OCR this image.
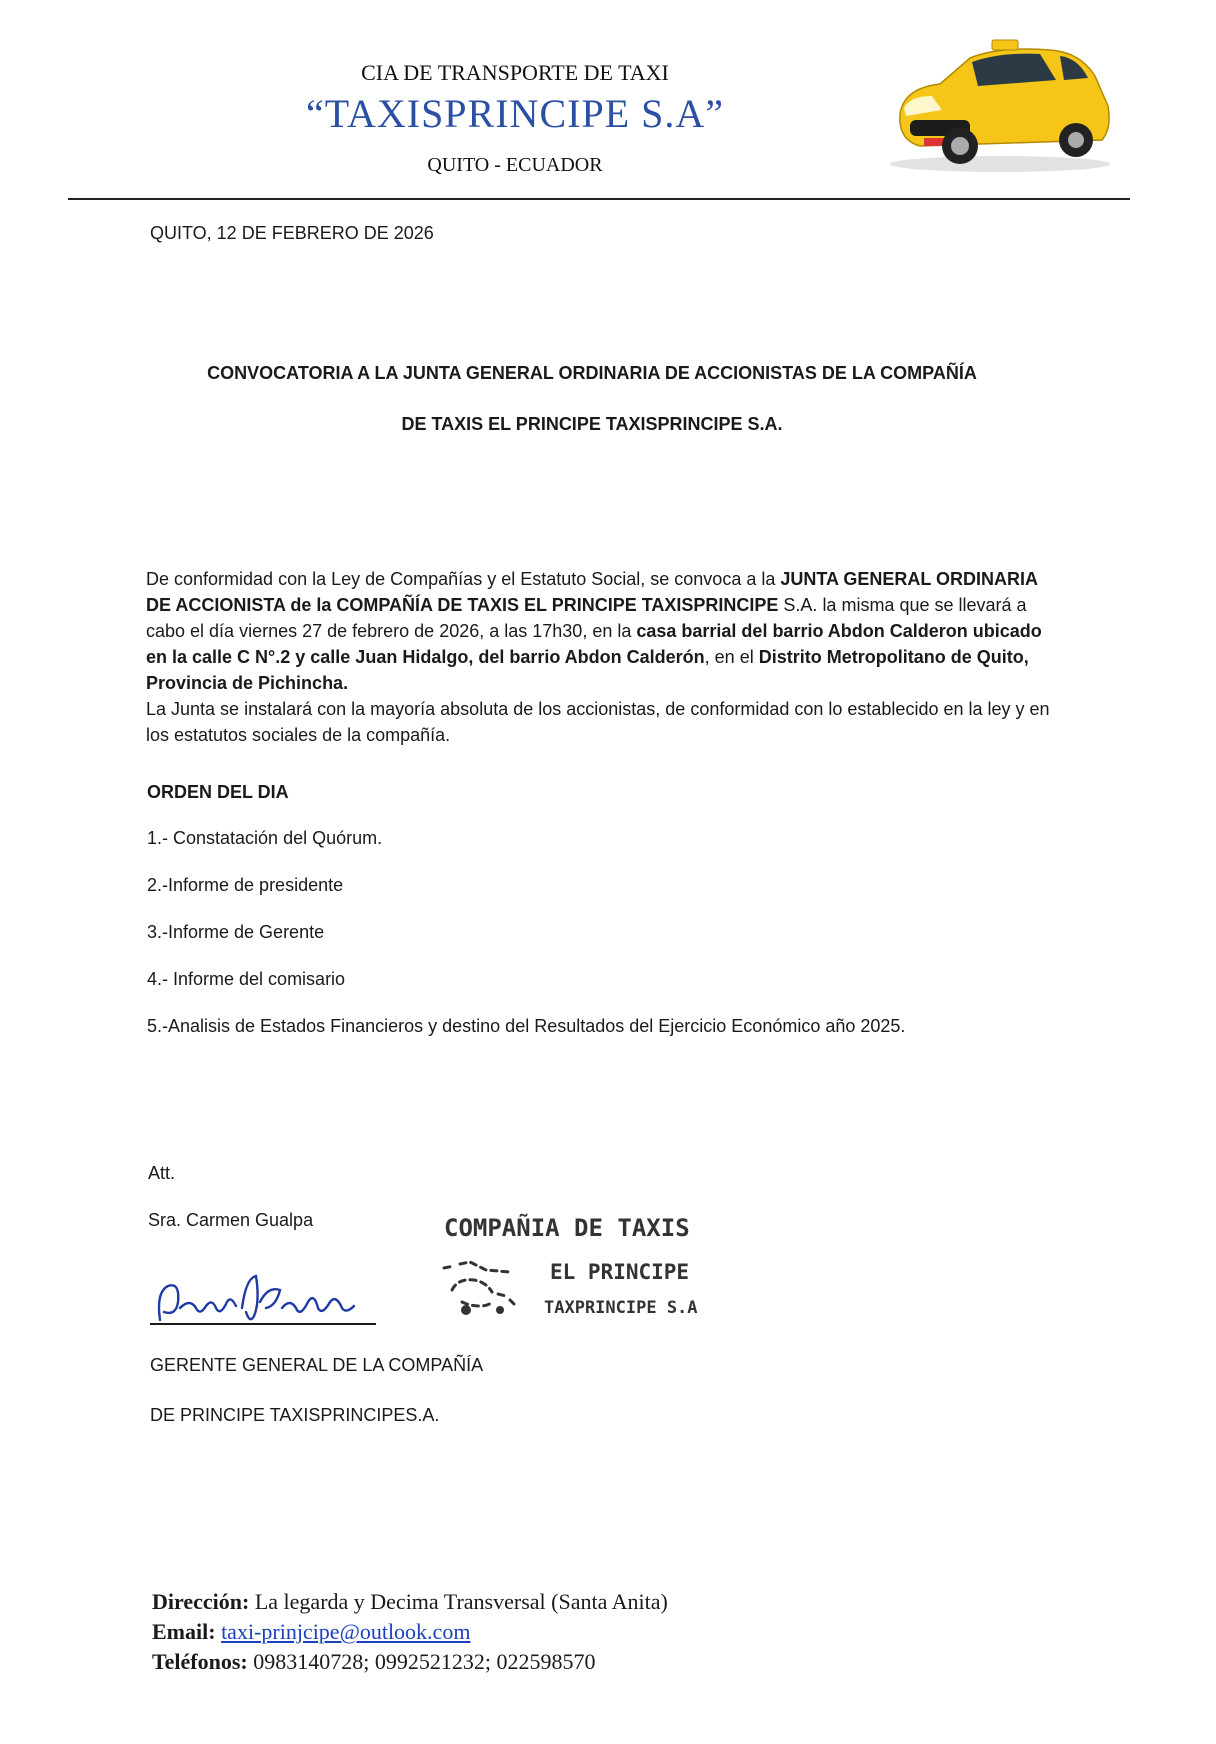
CIA DE TRANSPORTE DE TAXI
“TAXISPRINCIPE S.A”
QUITO - ECUADOR
QUITO, 12 DE FEBRERO DE 2026
CONVOCATORIA A LA JUNTA GENERAL ORDINARIA DE ACCIONISTAS DE LA COMPAÑÍA
DE TAXIS EL PRINCIPE TAXISPRINCIPE S.A.

De conformidad con la Ley de Compañías y el Estatuto Social, se convoca a la JUNTA GENERAL ORDINARIA DE ACCIONISTA de la COMPAÑÍA DE TAXIS EL PRINCIPE TAXISPRINCIPE S.A. la misma que se llevará a cabo el día viernes 27 de febrero de 2026, a las 17h30, en la casa barrial del barrio Abdon Calderon ubicado en la calle C N°.2 y calle Juan Hidalgo, del barrio Abdon Calderón, en el Distrito Metropolitano de Quito, Provincia de Pichincha.

La Junta se instalará con la mayoría absoluta de los accionistas, de conformidad con lo establecido en la ley y en los estatutos sociales de la compañía.

ORDEN DEL DIA
1.- Constatación del Quórum.
2.-Informe de presidente
3.-Informe de Gerente
4.- Informe del comisario
5.-Analisis de Estados Financieros y destino del Resultados del Ejercicio Económico año 2025.
Att.
Sra. Carmen Gualpa
GERENTE GENERAL DE LA COMPAÑÍA
DE PRINCIPE TAXISPRINCIPES.A.
COMPAÑIA DE TAXIS
EL PRINCIPE
TAXPRINCIPE S.A
Dirección: La legarda y Decima Transversal (Santa Anita)
Email: taxi-prinjcipe@outlook.com
Teléfonos: 0983140728; 0992521232; 022598570
